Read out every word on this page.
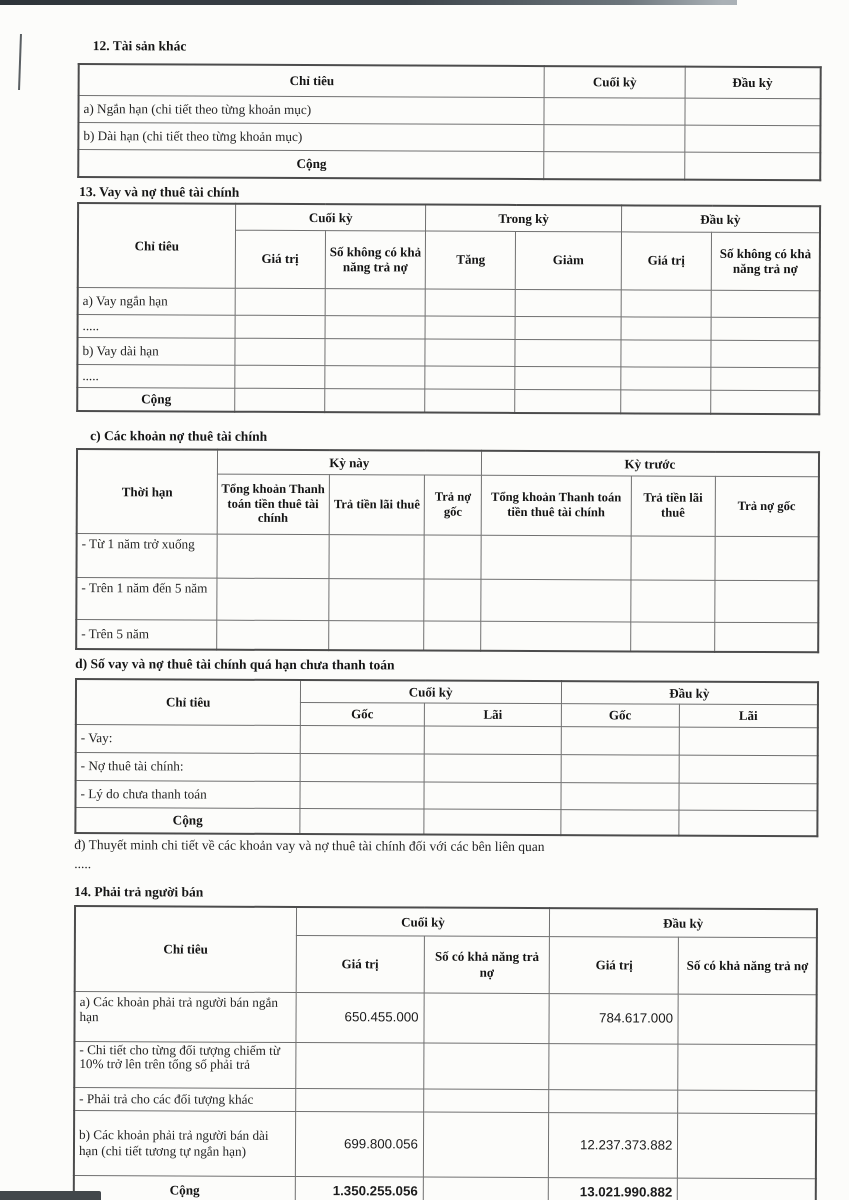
12. Tài sản khác
Chỉ tiêu	Cuối kỳ	Đầu kỳ
a) Ngắn hạn (chi tiết theo từng khoản mục)		
b) Dài hạn (chi tiết theo từng khoản mục)		
Cộng		
13. Vay và nợ thuê tài chính
Chỉ tiêu	Cuối kỳ		Trong kỳ		Đầu kỳ	
	Giá trị	Số không có khả năng trả nợ	Tăng	Giảm	Giá trị	Số không có khả năng trả nợ
a) Vay ngắn hạn						
.....						
b) Vay dài hạn						
.....						
Cộng						
c) Các khoản nợ thuê tài chính
Thời hạn	Kỳ này			Kỳ trước		
	Tổng khoản Thanh toán tiền thuê tài chính	Trả tiền lãi thuê	Trả nợ gốc	Tổng khoản Thanh toán tiền thuê tài chính	Trả tiền lãi thuê	Trả nợ gốc
- Từ 1 năm trở xuống						
- Trên 1 năm đến 5 năm						
- Trên 5 năm						
d) Số vay và nợ thuê tài chính quá hạn chưa thanh toán
Chỉ tiêu	Cuối kỳ		Đầu kỳ	
	Gốc	Lãi	Gốc	Lãi
- Vay:				
- Nợ thuê tài chính:				
- Lý do chưa thanh toán				
Cộng				
đ) Thuyết minh chi tiết về các khoản vay và nợ thuê tài chính đối với các bên liên quan
.....
14. Phải trả người bán
Chỉ tiêu	Cuối kỳ		Đầu kỳ	
	Giá trị	Số có khả năng trả nợ	Giá trị	Số có khả năng trả nợ
a) Các khoản phải trả người bán ngắn hạn	650.455.000		784.617.000	
- Chi tiết cho từng đối tượng chiếm từ 10% trở lên trên tổng số phải trả				
- Phải trả cho các đối tượng khác				
b) Các khoản phải trả người bán dài hạn (chi tiết tương tự ngắn hạn)	699.800.056		12.237.373.882	
Cộng	1.350.255.056		13.021.990.882	
